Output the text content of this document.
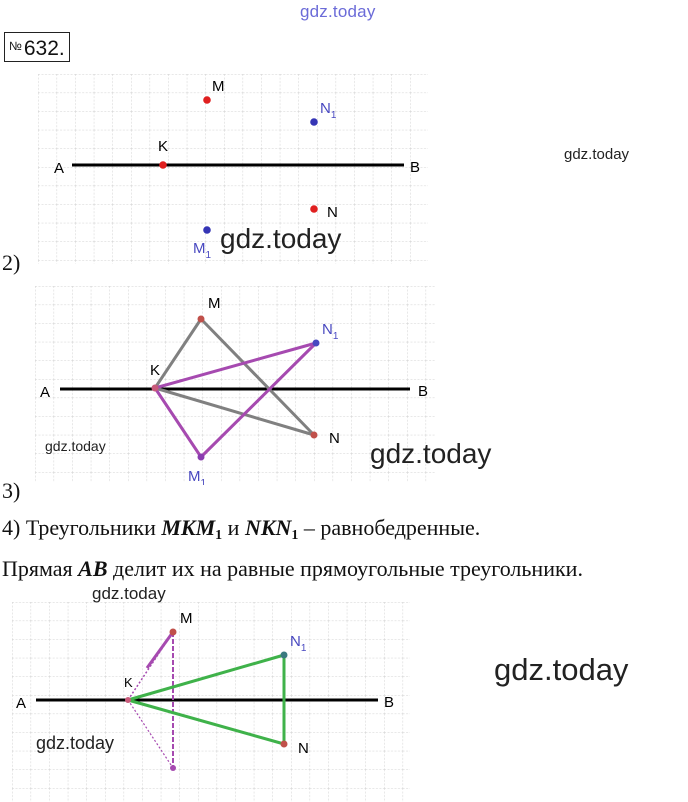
gdz.today
№632.
A	B
K
M
$N_1$
N
$M_1$
gdz.today
gdz.today
2)
A	B
K
M
$N_1$
N
$M_1$
gdz.today	gdz.today
3)
4) Треугольники $MKM_1$ и $NKN_1$ – равнобедренные.
Прямая AB делит их на равные прямоугольные треугольники.
A	B
K
M
$N_1$
N
gdz.today
gdz.today
gdz.today
